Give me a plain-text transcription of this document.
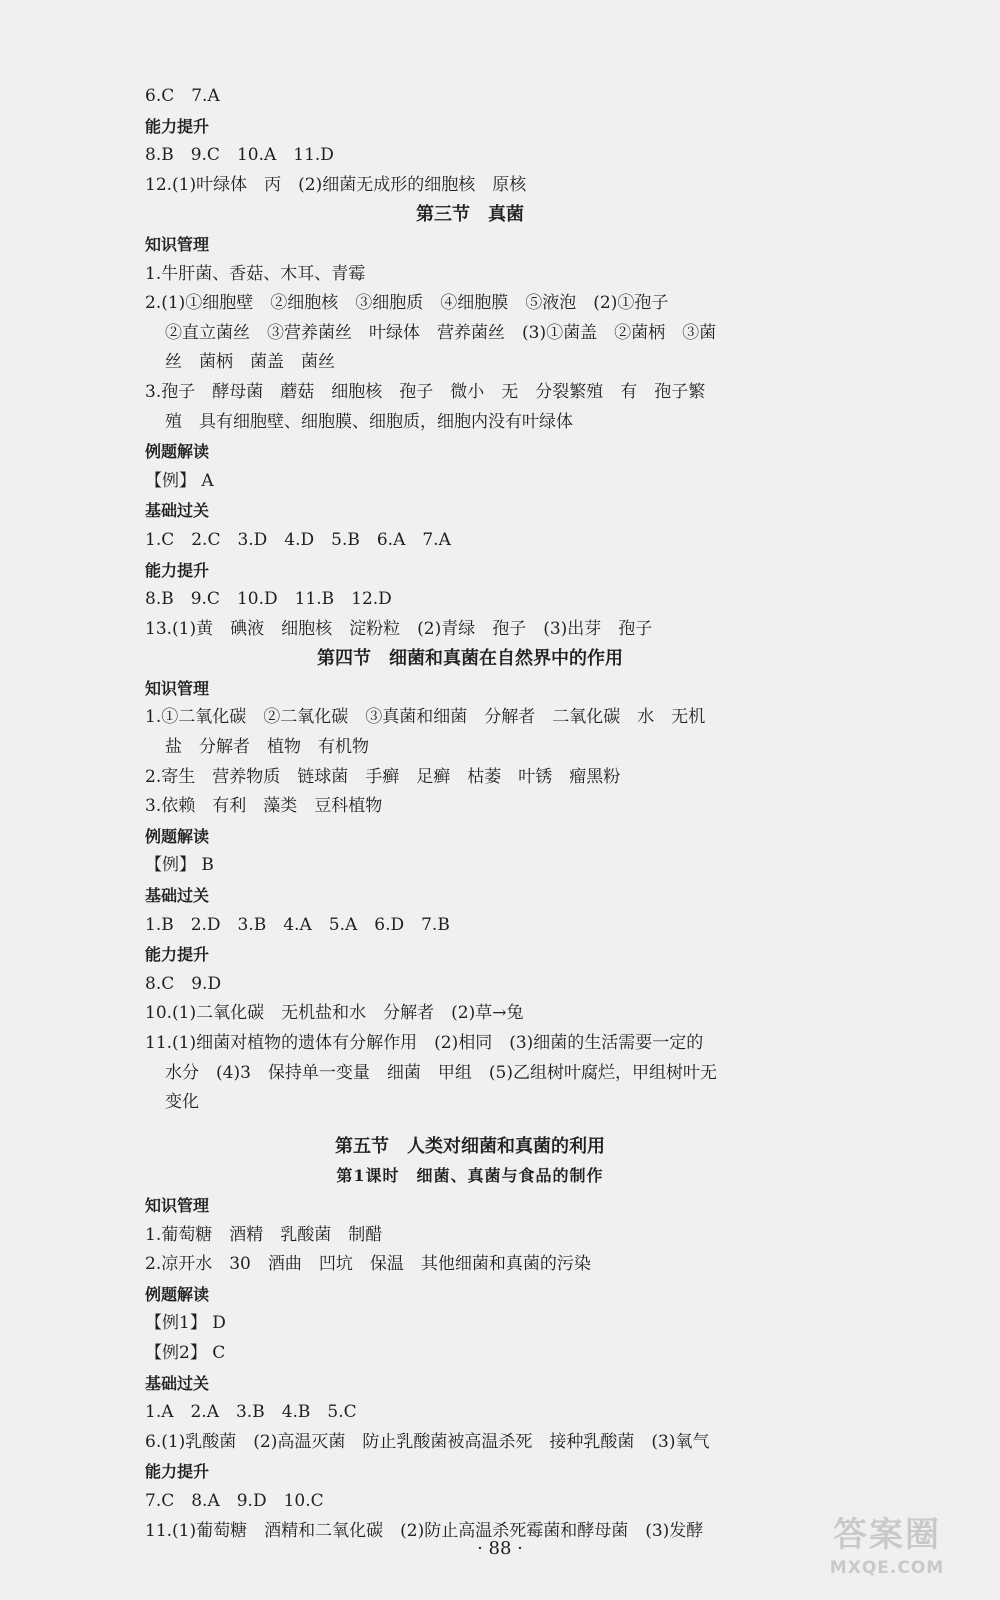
6.C　7.A
能力提升
8.B　9.C　10.A　11.D
12.(1)叶绿体　丙　(2)细菌无成形的细胞核　原核
第三节　真菌
知识管理
1.牛肝菌、香菇、木耳、青霉
2.(1)①细胞壁　②细胞核　③细胞质　④细胞膜　⑤液泡　(2)①孢子
②直立菌丝　③营养菌丝　叶绿体　营养菌丝　(3)①菌盖　②菌柄　③菌
丝　菌柄　菌盖　菌丝
3.孢子　酵母菌　蘑菇　细胞核　孢子　微小　无　分裂繁殖　有　孢子繁
殖　具有细胞壁、细胞膜、细胞质，细胞内没有叶绿体
例题解读
【例】 A
基础过关
1.C　2.C　3.D　4.D　5.B　6.A　7.A
能力提升
8.B　9.C　10.D　11.B　12.D
13.(1)黄　碘液　细胞核　淀粉粒　(2)青绿　孢子　(3)出芽　孢子
第四节　细菌和真菌在自然界中的作用
知识管理
1.①二氧化碳　②二氧化碳　③真菌和细菌　分解者　二氧化碳　水　无机
盐　分解者　植物　有机物
2.寄生　营养物质　链球菌　手癣　足癣　枯萎　叶锈　瘤黑粉
3.依赖　有利　藻类　豆科植物
例题解读
【例】 B
基础过关
1.B　2.D　3.B　4.A　5.A　6.D　7.B
能力提升
8.C　9.D
10.(1)二氧化碳　无机盐和水　分解者　(2)草→兔
11.(1)细菌对植物的遗体有分解作用　(2)相同　(3)细菌的生活需要一定的
水分　(4)3　保持单一变量　细菌　甲组　(5)乙组树叶腐烂，甲组树叶无
变化
第五节　人类对细菌和真菌的利用
第1课时　细菌、真菌与食品的制作
知识管理
1.葡萄糖　酒精　乳酸菌　制醋
2.凉开水　30　酒曲　凹坑　保温　其他细菌和真菌的污染
例题解读
【例1】 D
【例2】 C
基础过关
1.A　2.A　3.B　4.B　5.C
6.(1)乳酸菌　(2)高温灭菌　防止乳酸菌被高温杀死　接种乳酸菌　(3)氧气
能力提升
7.C　8.A　9.D　10.C
11.(1)葡萄糖　酒精和二氧化碳　(2)防止高温杀死霉菌和酵母菌　(3)发酵
· 88 ·	答案圈
MXQE.COM
